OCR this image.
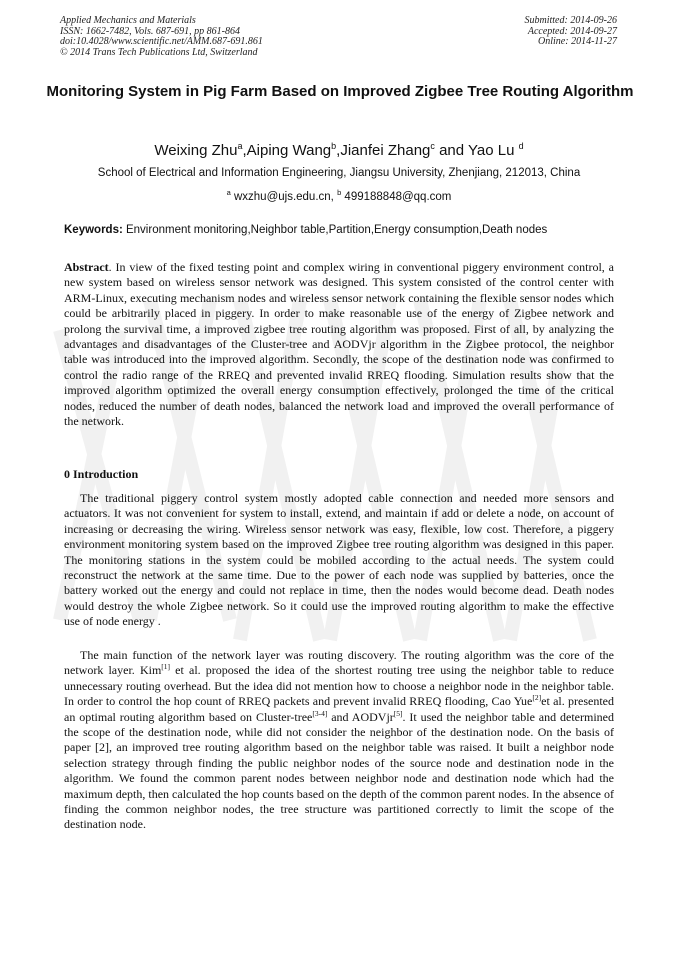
Applied Mechanics and Materials
ISSN: 1662-7482, Vols. 687-691, pp 861-864
doi:10.4028/www.scientific.net/AMM.687-691.861
© 2014 Trans Tech Publications Ltd, Switzerland
Submitted: 2014-09-26
Accepted: 2014-09-27
Online: 2014-11-27
Monitoring System in Pig Farm Based on Improved Zigbee Tree Routing Algorithm
Weixing Zhu$^a$,Aiping Wang$^b$,Jianfei Zhang$^c$ and Yao Lu $^d$
School of Electrical and Information Engineering, Jiangsu University, Zhenjiang, 212013, China
$^a$ wxzhu@ujs.edu.cn, $^b$ 499188848@qq.com
Keywords: Environment monitoring,Neighbor table,Partition,Energy consumption,Death nodes
Abstract. In view of the fixed testing point and complex wiring in conventional piggery environment control, a new system based on wireless sensor network was designed. This system consisted of the control center with ARM-Linux, executing mechanism nodes and wireless sensor network containing the flexible sensor nodes which could be arbitrarily placed in piggery. In order to make reasonable use of the energy of Zigbee network and prolong the survival time, a improved zigbee tree routing algorithm was proposed. First of all, by analyzing the advantages and disadvantages of the Cluster-tree and AODVjr algorithm in the Zigbee protocol, the neighbor table was introduced into the improved algorithm. Secondly, the scope of the destination node was confirmed to control the radio range of the RREQ and prevented invalid RREQ flooding. Simulation results show that the improved algorithm optimized the overall energy consumption effectively, prolonged the time of the critical nodes, reduced the number of death nodes, balanced the network load and improved the overall performance of the network.
0 Introduction
The traditional piggery control system mostly adopted cable connection and needed more sensors and actuators. It was not convenient for system to install, extend, and maintain if add or delete a node, on account of increasing or decreasing the wiring. Wireless sensor network was easy, flexible, low cost. Therefore, a piggery environment monitoring system based on the improved Zigbee tree routing algorithm was designed in this paper. The monitoring stations in the system could be mobiled according to the actual needs. The system could reconstruct the network at the same time. Due to the power of each node was supplied by batteries, once the battery worked out the energy and could not replace in time, then the nodes would become dead. Death nodes would destroy the whole Zigbee network. So it could use the improved routing algorithm to make the effective use of node energy .
The main function of the network layer was routing discovery. The routing algorithm was the core of the network layer. Kim[1] et al. proposed the idea of the shortest routing tree using the neighbor table to reduce unnecessary routing overhead. But the idea did not mention how to choose a neighbor node in the neighbor table. In order to control the hop count of RREQ packets and prevent invalid RREQ flooding, Cao Yue[2]et al. presented an optimal routing algorithm based on Cluster-tree[3-4] and AODVjr[5]. It used the neighbor table and determined the scope of the destination node, while did not consider the neighbor of the destination node. On the basis of paper [2], an improved tree routing algorithm based on the neighbor table was raised. It built a neighbor node selection strategy through finding the public neighbor nodes of the source node and destination node in the algorithm. We found the common parent nodes between neighbor node and destination node which had the maximum depth, then calculated the hop counts based on the depth of the common parent nodes. In the absence of finding the common neighbor nodes, the tree structure was partitioned correctly to limit the scope of the destination node.
